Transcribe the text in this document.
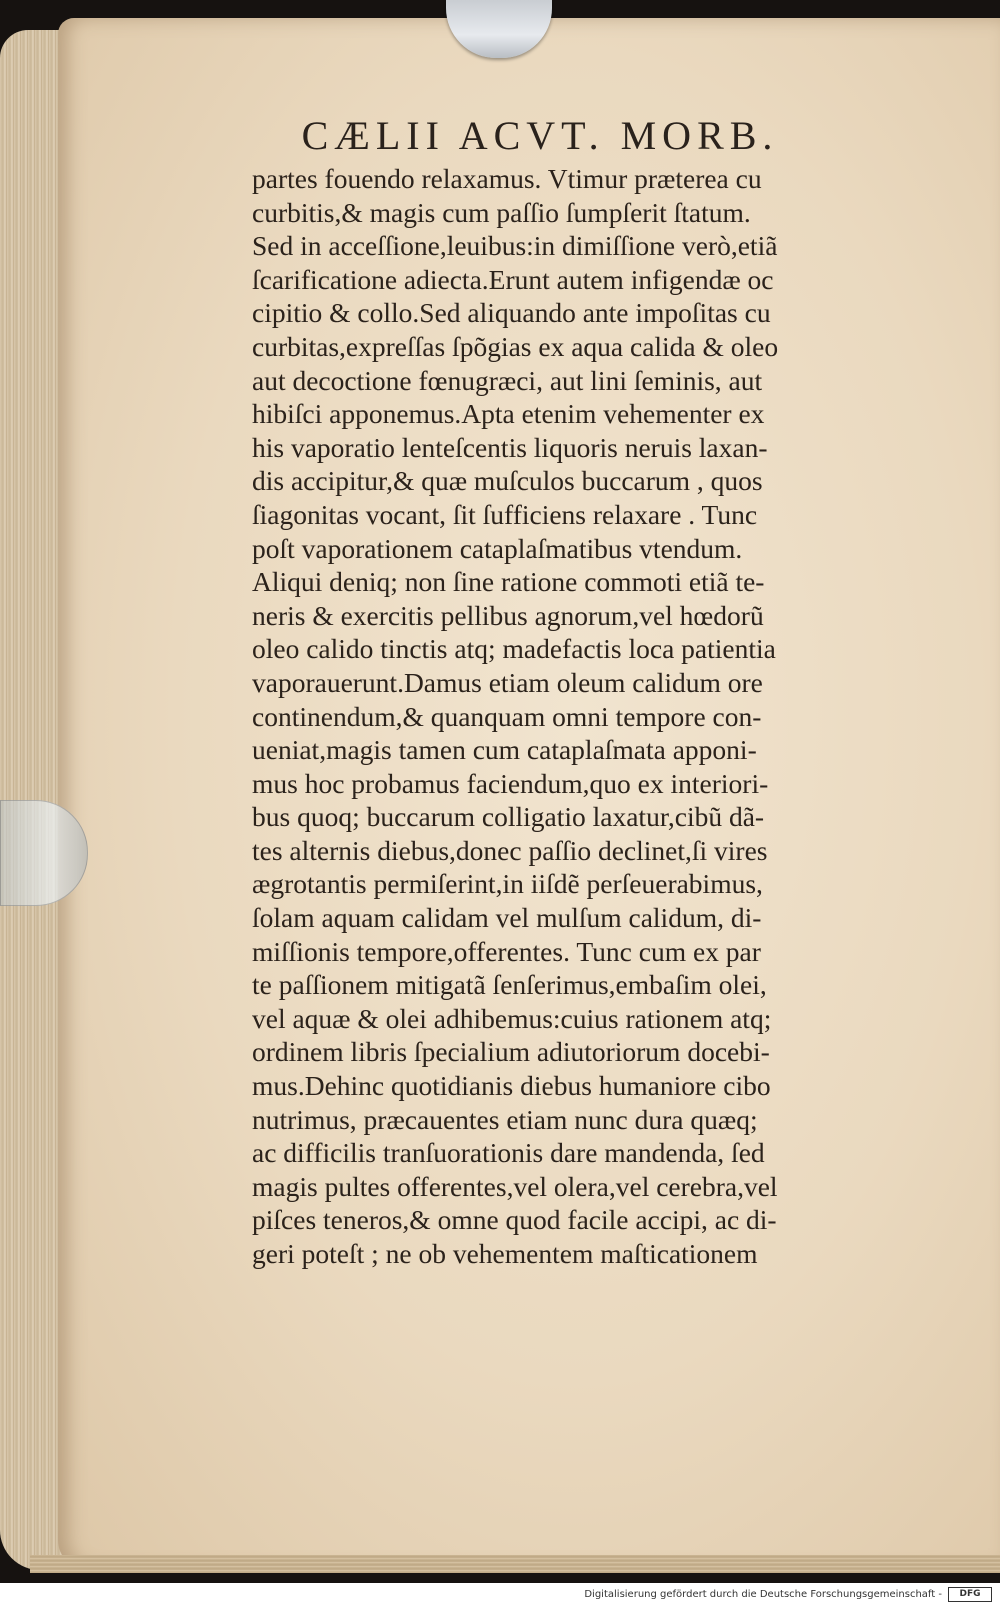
CÆLII ACVT. MORB.
partes fouendo relaxamus. Vtimur præterea cu
curbitis,& magis cum paſſio ſumpſerit ſtatum.
Sed in acceſſione,leuibus:in dimiſſione verò,etiã
ſcarificatione adiecta.Erunt autem infigendæ oc
cipitio & collo.Sed aliquando ante impoſitas cu
curbitas,expreſſas ſpõgias ex aqua calida & oleo
aut decoctione fœnugræci, aut lini ſeminis, aut
hibiſci apponemus.Apta etenim vehementer ex
his vaporatio lenteſcentis liquoris neruis laxan-
dis accipitur,& quæ muſculos buccarum , quos
ſiagonitas vocant, ſit ſufficiens relaxare . Tunc
poſt vaporationem cataplaſmatibus vtendum.
Aliqui deniq; non ſine ratione commoti etiã te-
neris & exercitis pellibus agnorum,vel hœdorũ
oleo calido tinctis atq; madefactis loca patientia
vaporauerunt.Damus etiam oleum calidum ore
continendum,& quanquam omni tempore con-
ueniat,magis tamen cum cataplaſmata apponi-
mus hoc probamus faciendum,quo ex interiori-
bus quoq; buccarum colligatio laxatur,cibũ dã-
tes alternis diebus,donec paſſio declinet,ſi vires
ægrotantis permiſerint,in iiſdẽ perſeuerabimus,
ſolam aquam calidam vel mulſum calidum, di-
miſſionis tempore,offerentes. Tunc cum ex par
te paſſionem mitigatã ſenſerimus,embaſim olei,
vel aquæ & olei adhibemus:cuius rationem atq;
ordinem libris ſpecialium adiutoriorum docebi-
mus.Dehinc quotidianis diebus humaniore cibo
nutrimus, præcauentes etiam nunc dura quæq;
ac difficilis tranſuorationis dare mandenda, ſed
magis pultes offerentes,vel olera,vel cerebra,vel
piſces teneros,& omne quod facile accipi, ac di-
geri poteſt ; ne ob vehementem maſticationem
Digitalisierung gefördert durch die Deutsche Forschungsgemeinschaft -	DFG
